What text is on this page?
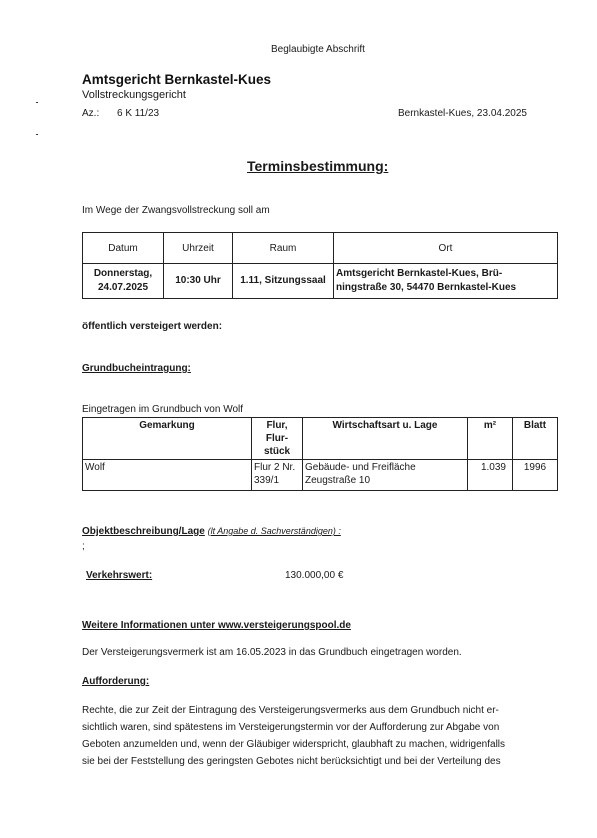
Beglaubigte Abschrift
Amtsgericht Bernkastel-Kues
Vollstreckungsgericht
Az.: 6 K 11/23	Bernkastel-Kues, 23.04.2025
Terminsbestimmung:
Im Wege der Zwangsvollstreckung soll am
Datum	Uhrzeit	Raum	Ort
Donnerstag,
24.07.2025	10:30 Uhr	1.11, Sitzungssaal	Amtsgericht Bernkastel-Kues, Brü-
ningstraße 30, 54470 Bernkastel-Kues
öffentlich versteigert werden:
Grundbucheintragung:
Eingetragen im Grundbuch von Wolf
Gemarkung	Flur, Flur-
stück	Wirtschaftsart u. Lage	m²	Blatt
Wolf	Flur 2 Nr.
339/1	Gebäude- und Freifläche
Zeugstraße 10	1.039	1996
Objektbeschreibung/Lage (lt Angabe d. Sachverständigen) :
;
Verkehrswert:	130.000,00 €
Weitere Informationen unter www.versteigerungspool.de
Der Versteigerungsvermerk ist am 16.05.2023 in das Grundbuch eingetragen worden.
Aufforderung:
Rechte, die zur Zeit der Eintragung des Versteigerungsvermerks aus dem Grundbuch nicht er-
sichtlich waren, sind spätestens im Versteigerungstermin vor der Aufforderung zur Abgabe von
Geboten anzumelden und, wenn der Gläubiger widerspricht, glaubhaft zu machen, widrigenfalls
sie bei der Feststellung des geringsten Gebotes nicht berücksichtigt und bei der Verteilung des
